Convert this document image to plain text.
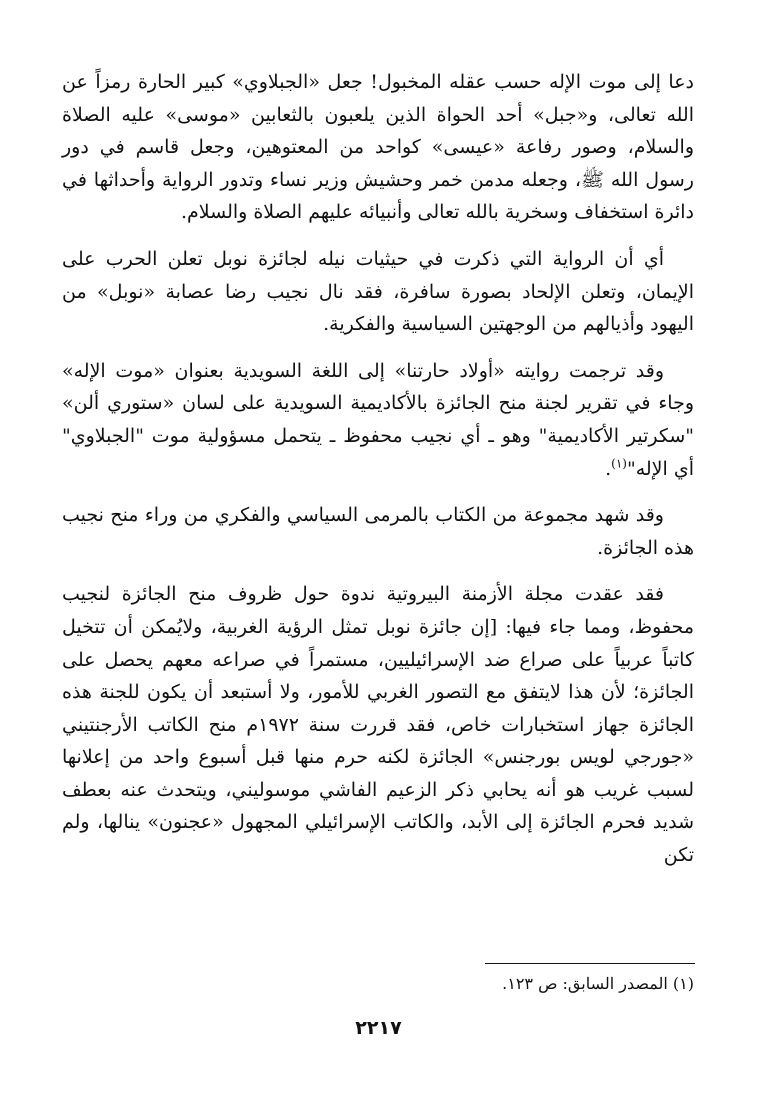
دعا إلى موت الإله حسب عقله المخبول! جعل «الجبلاوي» كبير الحارة رمزاً عن الله تعالى، و«جبل» أحد الحواة الذين يلعبون بالثعابين «موسى» عليه الصلاة والسلام، وصور رفاعة «عيسى» كواحد من المعتوهين، وجعل قاسم في دور رسول الله ﷺ، وجعله مدمن خمر وحشيش وزير نساء وتدور الرواية وأحداثها في دائرة استخفاف وسخرية بالله تعالى وأنبيائه عليهم الصلاة والسلام.

أي أن الرواية التي ذكرت في حيثيات نيله لجائزة نوبل تعلن الحرب على الإيمان، وتعلن الإلحاد بصورة سافرة، فقد نال نجيب رضا عصابة «نوبل» من اليهود وأذيالهم من الوجهتين السياسية والفكرية.

وقد ترجمت روايته «أولاد حارتنا» إلى اللغة السويدية بعنوان «موت الإله» وجاء في تقرير لجنة منح الجائزة بالأكاديمية السويدية على لسان «ستوري ألن» "سكرتير الأكاديمية" وهو ـ أي نجيب محفوظ ـ يتحمل مسؤولية موت "الجبلاوي" أي الإله"$^{(١)}$.

وقد شهد مجموعة من الكتاب بالمرمى السياسي والفكري من وراء منح نجيب هذه الجائزة.

فقد عقدت مجلة الأزمنة البيروتية ندوة حول ظروف منح الجائزة لنجيب محفوظ، ومما جاء فيها: [إن جائزة نوبل تمثل الرؤية الغربية، ولايُمكن أن تتخيل كاتباً عربياً على صراع ضد الإسرائيليين، مستمراً في صراعه معهم يحصل على الجائزة؛ لأن هذا لايتفق مع التصور الغربي للأمور، ولا أستبعد أن يكون للجنة هذه الجائزة جهاز استخبارات خاص، فقد قررت سنة ١٩٧٢م منح الكاتب الأرجنتيني «جورجي لويس بورجنس» الجائزة لكنه حرم منها قبل أسبوع واحد من إعلانها لسبب غريب هو أنه يحابي ذكر الزعيم الفاشي موسوليني، ويتحدث عنه بعطف شديد فحرم الجائزة إلى الأبد، والكاتب الإسرائيلي المجهول «عجنون» ينالها، ولم تكن

(١) المصدر السابق: ص ١٢٣.
٢٢١٧
